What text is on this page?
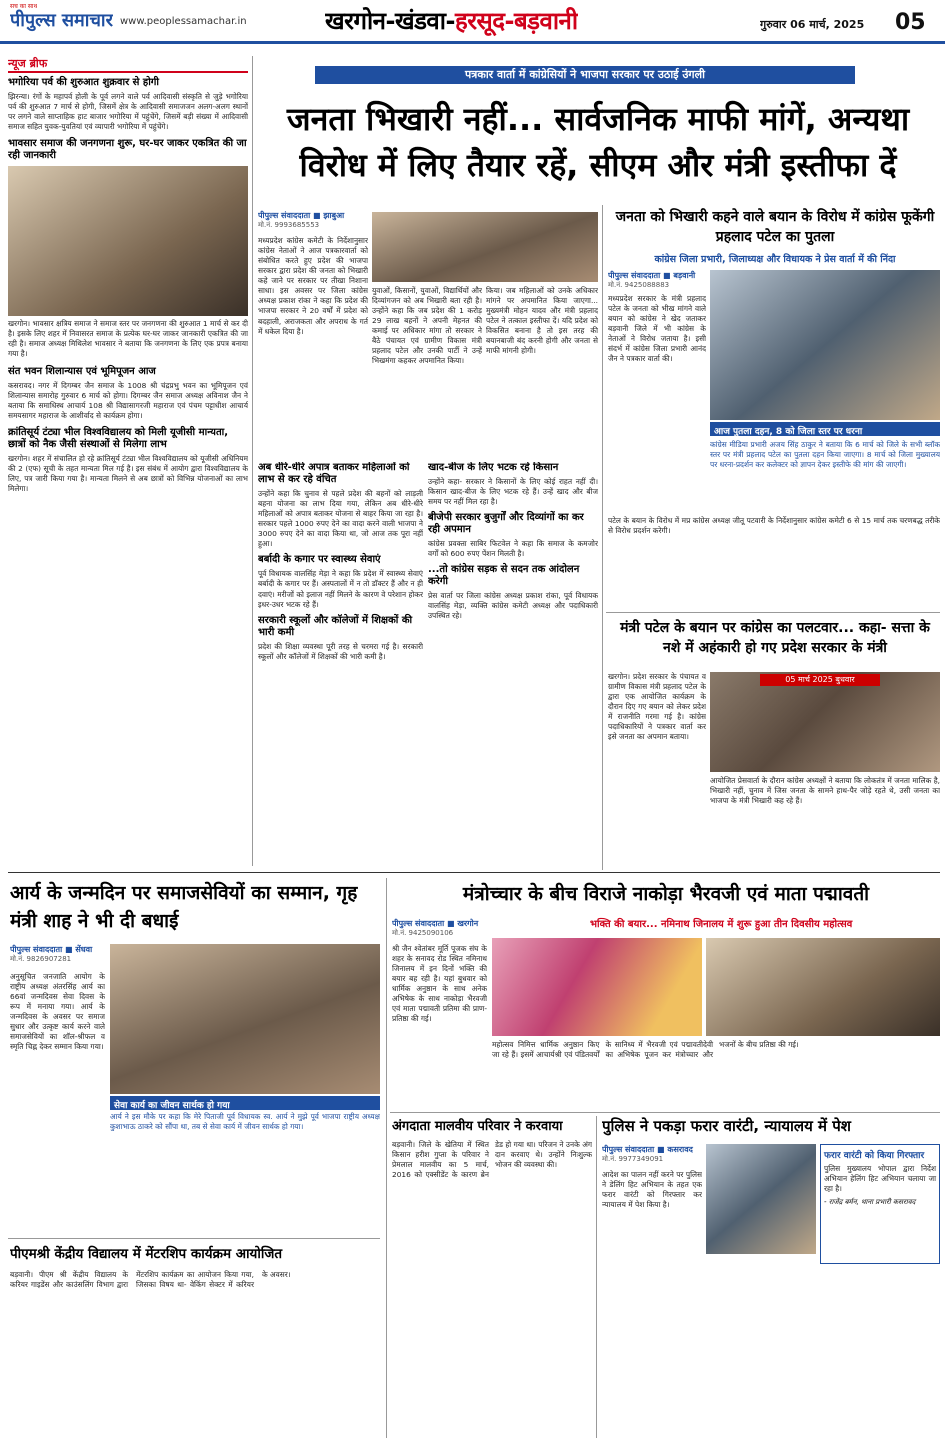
पीपुल्स समाचार www.peoplessamachar.in	खरगोन-खंडवा-हरसूद-बड़वानी	गुरुवार 06 मार्च, 2025 05
सच का साथ
न्यूज ब्रीफ
भगोरिया पर्व की शुरुआत शुक्रवार से होगी
झिरन्या। रंगों के महापर्व होली के पूर्व लगने वाले पर्व आदिवासी संस्कृति से जुड़े भगोरिया पर्व की शुरुआत 7 मार्च से होगी, जिसमें क्षेत्र के आदिवासी समाजजन अलग-अलग स्थानों पर लगने वाले साप्ताहिक हाट बाजार भगोरिया में पहुंचेंगे, जिसमें बड़ी संख्या में आदिवासी समाज सहित युवक-युवतियां एवं व्यापारी भगोरिया में पहुंचेंगे।
भावसार समाज की जनगणना शुरू, घर-घर जाकर एकत्रित की जा रही जानकारी
खरगोन। भावसार क्षत्रिय समाज ने समाज स्तर पर जनगणना की शुरुआत 1 मार्च से कर दी है। इसके लिए शहर में निवासरत समाज के प्रत्येक घर-घर जाकर जानकारी एकत्रित की जा रही है। समाज अध्यक्ष मिथिलेश भावसार ने बताया कि जनगणना के लिए एक प्रपत्र बनाया गया है।
संत भवन शिलान्यास एवं भूमिपूजन आज
कसरावद। नगर में दिगम्बर जैन समाज के 1008 श्री चंद्रप्रभु भवन का भूमिपूजन एवं शिलान्यास समारोह गुरुवार 6 मार्च को होगा। दिगम्बर जैन समाज अध्यक्ष अविनाश जैन ने बताया कि समाधिस्थ आचार्य 108 श्री विद्यासागरजी महाराज एवं पंचम पट्टाधीश आचार्य समयसागर महाराज के आशीर्वाद से कार्यक्रम होगा।
क्रांतिसूर्य टंट्या भील विश्वविद्यालय को मिली यूजीसी मान्यता, छात्रों को नैक जैसी संस्थाओं से मिलेगा लाभ
खरगोन। शहर में संचालित हो रहे क्रांतिसूर्य टंट्या भील विश्वविद्यालय को यूजीसी अधिनियम की 2 (एफ) सूची के तहत मान्यता मिल गई है। इस संबंध में आयोग द्वारा विश्वविद्यालय के लिए, पत्र जारी किया गया है। मान्यता मिलने से अब छात्रों को विभिन्न योजनाओं का लाभ मिलेगा।
पत्रकार वार्ता में कांग्रेसियों ने भाजपा सरकार पर उठाई उंगली
जनता भिखारी नहीं... सार्वजनिक माफी मांगें, अन्यथा विरोध में लिए तैयार रहें, सीएम और मंत्री इस्तीफा दें
पीपुल्स संवाददाता ■ झाबुआ
मो.नं. 9993685553
मध्यप्रदेश कांग्रेस कमेटी के निर्देशानुसार कांग्रेस नेताओं ने आज पत्रकारवार्ता को संबोधित करते हुए प्रदेश की भाजपा सरकार द्वारा प्रदेश की जनता को भिखारी कहे जाने पर सरकार पर तीखा निशाना साधा। इस अवसर पर जिला कांग्रेस अध्यक्ष प्रकाश रांका ने कहा कि प्रदेश की भाजपा सरकार ने 20 वर्षों में प्रदेश को बदहाली, अराजकता और अपराध के गर्त में धकेल दिया है।
युवाओं, किसानों, युवाओं, विद्यार्थियों और दिव्यांगजन को अब भिखारी बता रही है। उन्होंने कहा कि जब प्रदेश की 1 करोड़ 29 लाख बहनों ने अपनी मेहनत की कमाई पर अधिकार मांगा तो सरकार ने बैठे पंचायत एवं ग्रामीण विकास मंत्री प्रहलाद पटेल और उनकी पार्टी ने उन्हें भिखमंगा कहकर अपमानित किया।
किया। जब महिलाओं को उनके अधिकार मांगने पर अपमानित किया जाएगा... मुख्यमंत्री मोहन यादव और मंत्री प्रहलाद पटेल ने तत्काल इस्तीफा दें। यदि प्रदेश को विकसित बनाना है तो इस तरह की बयानबाजी बंद करनी होगी और जनता से माफी मांगनी होगी।
अब धीरे-धीरे अपात्र बताकर महिलाओं को लाभ से कर रहे वंचित
उन्होंने कहा कि चुनाव से पहले प्रदेश की बहनों को लाड़ली बहना योजना का लाभ दिया गया, लेकिन अब धीरे-धीरे महिलाओं को अपात्र बताकर योजना से बाहर किया जा रहा है। सरकार पहले 1000 रुपए देने का वादा करने वाली भाजपा ने 3000 रुपए देने का वादा किया था, जो आज तक पूरा नहीं हुआ।
बर्बादी के कगार पर स्वास्थ्य सेवाएं
पूर्व विधायक वालसिंह मेड़ा ने कहा कि प्रदेश में स्वास्थ्य सेवाएं बर्बादी के कगार पर हैं। अस्पतालों में न तो डॉक्टर हैं और न ही दवाएं। मरीजों को इलाज नहीं मिलने के कारण वे परेशान होकर इधर-उधर भटक रहे हैं।
सरकारी स्कूलों और कॉलेजों में शिक्षकों की भारी कमी
प्रदेश की शिक्षा व्यवस्था पूरी तरह से चरमरा गई है। सरकारी स्कूलों और कॉलेजों में शिक्षकों की भारी कमी है।
खाद-बीज के लिए भटक रहे किसान
उन्होंने कहा- सरकार ने किसानों के लिए कोई राहत नहीं दी। किसान खाद-बीज के लिए भटक रहे हैं। उन्हें खाद और बीज समय पर नहीं मिल रहा है।
बीजेपी सरकार बुजुर्गों और दिव्यांगों का कर रही अपमान
कांग्रेस प्रवक्ता साबिर फिटवेल ने कहा कि समाज के कमजोर वर्गों को 600 रुपए पेंशन मिलती है।
...तो कांग्रेस सड़क से सदन तक आंदोलन करेगी
प्रेस वार्ता पर जिला कांग्रेस अध्यक्ष प्रकाश रांका, पूर्व विधायक वालसिंह मेड़ा, व्यक्ति कांग्रेस कमेटी अध्यक्ष और पदाधिकारी उपस्थित रहे।
जनता को भिखारी कहने वाले बयान के विरोध में कांग्रेस फूकेंगी प्रहलाद पटेल का पुतला
कांग्रेस जिला प्रभारी, जिलाध्यक्ष और विधायक ने प्रेस वार्ता में की निंदा
पीपुल्स संवाददाता ■ बड़वानी
मो.नं. 9425088883
मध्यप्रदेश सरकार के मंत्री प्रहलाद पटेल के जनता को भीख मांगने वाले बयान को कांग्रेस ने खेद जताकर बड़वानी जिले में भी कांग्रेस के नेताओं ने विरोध जताया है। इसी संदर्भ में कांग्रेस जिला प्रभारी आनंद जैन ने पत्रकार वार्ता की।
आज पुतला दहन, 8 को जिला स्तर पर धरना
कांग्रेस मीडिया प्रभारी अजय सिंह ठाकुर ने बताया कि 6 मार्च को जिले के सभी ब्लॉक स्तर पर मंत्री प्रहलाद पटेल का पुतला दहन किया जाएगा। 8 मार्च को जिला मुख्यालय पर धरना-प्रदर्शन कर कलेक्टर को ज्ञापन देकर इस्तीफे की मांग की जाएगी।
पटेल के बयान के विरोध में मप्र कांग्रेस अध्यक्ष जीतू पटवारी के निर्देशानुसार कांग्रेस कमेटी 6 से 15 मार्च तक चरणबद्ध तरीके से विरोध प्रदर्शन करेगी।
मंत्री पटेल के बयान पर कांग्रेस का पलटवार... कहा- सत्ता के नशे में अहंकारी हो गए प्रदेश सरकार के मंत्री
खरगोन। प्रदेश सरकार के पंचायत व ग्रामीण विकास मंत्री प्रहलाद पटेल के द्वारा एक आयोजित कार्यक्रम के दौरान दिए गए बयान को लेकर प्रदेश में राजनीति गरमा गई है। कांग्रेस पदाधिकारियों ने पत्रकार वार्ता कर इसे जनता का अपमान बताया।
05 मार्च 2025 बुधवार
आयोजित प्रेसवार्ता के दौरान कांग्रेस अध्यक्षों ने बताया कि लोकतंत्र में जनता मालिक है, भिखारी नहीं, चुनाव में जिस जनता के सामने हाथ-पैर जोड़े रहते थे, उसी जनता का भाजपा के मंत्री भिखारी कह रहे हैं।
आर्य के जन्मदिन पर समाजसेवियों का सम्मान, गृह मंत्री शाह ने भी दी बधाई
पीपुल्स संवाददाता ■ सेंधवा
मो.नं. 9826907281
अनुसूचित जनजाति आयोग के राष्ट्रीय अध्यक्ष अंतरसिंह आर्य का 66वां जन्मदिवस सेवा दिवस के रूप में मनाया गया। आर्य के जन्मदिवस के अवसर पर समाज सुधार और उत्कृष्ट कार्य करने वाले समाजसेवियों का शॉल-श्रीफल व स्मृति चिह्न देकर सम्मान किया गया।
सेवा कार्य का जीवन सार्थक हो गया
आर्य ने इस मौके पर कहा कि मेरे पिताजी पूर्व विधायक स्व. आर्य ने मुझे पूर्व भाजपा राष्ट्रीय अध्यक्ष कुशाभाऊ ठाकरे को सौंपा था, तब से सेवा कार्य में जीवन सार्थक हो गया।
पीएमश्री केंद्रीय विद्यालय में मेंटरशिप कार्यक्रम आयोजित
बड़वानी। पीएम श्री केंद्रीय विद्यालय के करियर गाइडेंस और काउंसलिंग विभाग द्वारा मेंटरशिप कार्यक्रम का आयोजन किया गया, जिसका विषय था- वेकिंग सेक्टर में करियर के अवसर।
मंत्रोच्चार के बीच विराजे नाकोड़ा भैरवजी एवं माता पद्मावती
भक्ति की बयार... नमिनाथ जिनालय में शुरू हुआ तीन दिवसीय महोत्सव
पीपुल्स संवाददाता ■ खरगोन
मो.नं. 9425090106
श्री जैन श्वेतांबर मूर्ति पूजक संघ के शहर के सनावद रोड स्थित नमिनाथ जिनालय में इन दिनों भक्ति की बयार बह रही है। यहां बुधवार को धार्मिक अनुष्ठान के साथ अनेक अभिषेक के साथ नाकोड़ा भैरवजी एवं माता पद्मावती प्रतिमा की प्राण-प्रतिष्ठा की गई।
महोत्सव निमित्त धार्मिक अनुष्ठान किए जा रहे हैं। इसमें आचार्यश्री एवं पंडितवर्यों के सानिध्य में भैरवजी एवं पद्मावतीदेवी का अभिषेक पूजन कर मंत्रोच्चार और भजनों के बीच प्रतिष्ठा की गई।
अंगदाता मालवीय परिवार ने करवाया
बड़वानी। जिले के खेतिया में स्थित किसान हरीश गुप्ता के परिवार ने प्रेमलाल मालवीय का 5 मार्च, 2016 को एक्सीडेंट के कारण ब्रेन डेड हो गया था। परिजन ने उनके अंग दान करवाए थे। उन्होंने निःशुल्क भोजन की व्यवस्था की।
पुलिस ने पकड़ा फरार वारंटी, न्यायालय में पेश
पीपुल्स संवाददाता ■ कसरावद
मो.नं. 9977349091
आदेश का पालन नहीं करने पर पुलिस ने डेलिंग हिट अभियान के तहत एक फरार वारंटी को गिरफ्तार कर न्यायालय में पेश किया है।
फरार वारंटी को किया गिरफ्तार
पुलिस मुख्यालय भोपाल द्वारा निर्देश अभियान हेलिंग हिट अभियान चलाया जा रहा है।
- राजेंद्र बर्मन, थाना प्रभारी कसरावद
